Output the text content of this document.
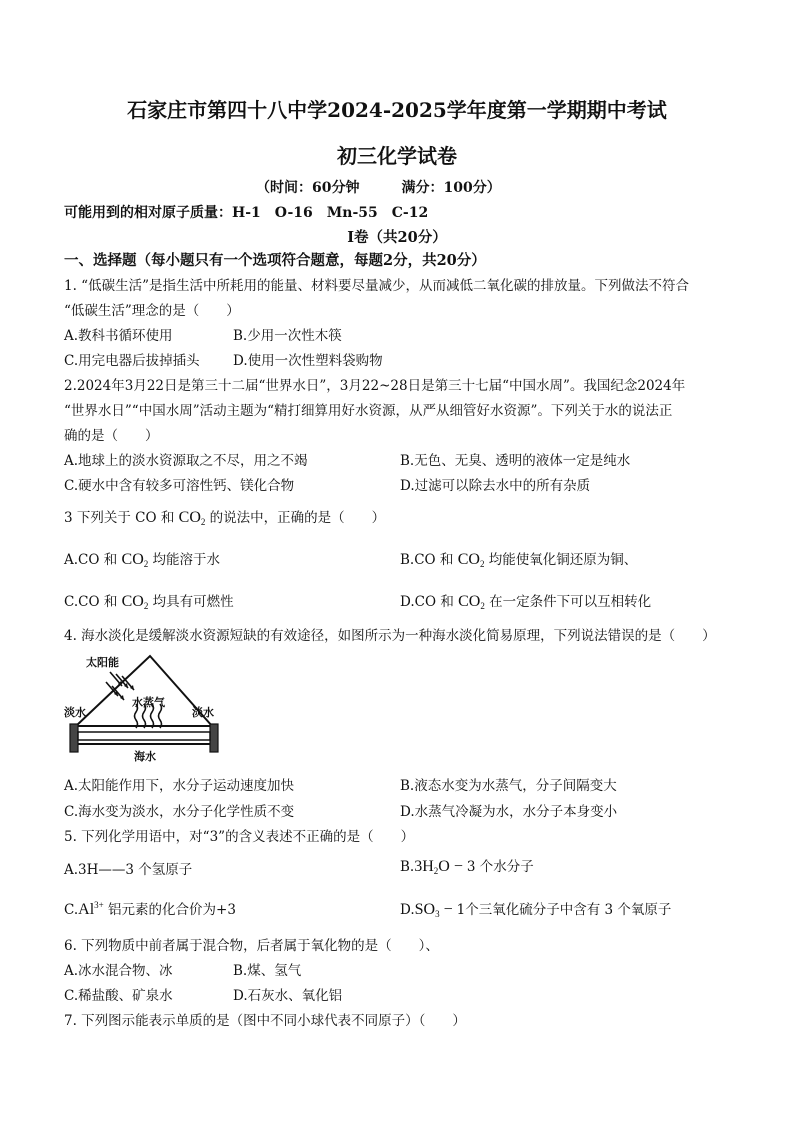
石家庄市第四十八中学2024-2025学年度第一学期期中考试
初三化学试卷
（时间：60分钟　　　满分：100分）
可能用到的相对原子质量：H-1　O-16　Mn-55　C-12
Ⅰ卷（共20分）
一、选择题（每小题只有一个选项符合题意，每题2分，共20分）
1. “低碳生活”是指生活中所耗用的能量、材料要尽量减少，从而减低二氧化碳的排放量。下列做法不符合
“低碳生活”理念的是（　　）
A.教科书循环使用	B.少用一次性木筷
C.用完电器后拔掉插头 D.使用一次性塑料袋购物
2.2024年3月22日是第三十二届“世界水日”，3月22~28日是第三十七届“中国水周”。我国纪念2024年
“世界水日”“中国水周”活动主题为“精打细算用好水资源，从严从细管好水资源”。下列关于水的说法正
确的是（　　）
A.地球上的淡水资源取之不尽，用之不竭	B.无色、无臭、透明的液体一定是纯水
C.硬水中含有较多可溶性钙、镁化合物	D.过滤可以除去水中的所有杂质
3 下列关于 CO 和 $CO_2$ 的说法中，正确的是（　　）
A.CO 和 $CO_2$ 均能溶于水	B.CO 和 $CO_2$ 均能使氧化铜还原为铜、
C.CO 和 $CO_2$ 均具有可燃性	D.CO 和 $CO_2$ 在一定条件下可以互相转化
4. 海水淡化是缓解淡水资源短缺的有效途径，如图所示为一种海水淡化简易原理，下列说法错误的是（　　）
太阳能
水蒸气
淡水	淡水
海水
A.太阳能作用下，水分子运动速度加快	B.液态水变为水蒸气，分子间隔变大
C.海水变为淡水，水分子化学性质不变	D.水蒸气冷凝为水，水分子本身变小
5. 下列化学用语中，对“3”的含义表述不正确的是（　　）
A.3H——3 个氢原子	$B.3H_2O - 3$ 个水分子
$C.Al^{3+}$ 铝元素的化合价为+3	$D.SO_3 - 1$个三氧化硫分子中含有 3 个氧原子
6. 下列物质中前者属于混合物，后者属于氧化物的是（　　）、
A.冰水混合物、冰	B.煤、氢气
C.稀盐酸、矿泉水	D.石灰水、氧化铝
7. 下列图示能表示单质的是（图中不同小球代表不同原子）（　　）
